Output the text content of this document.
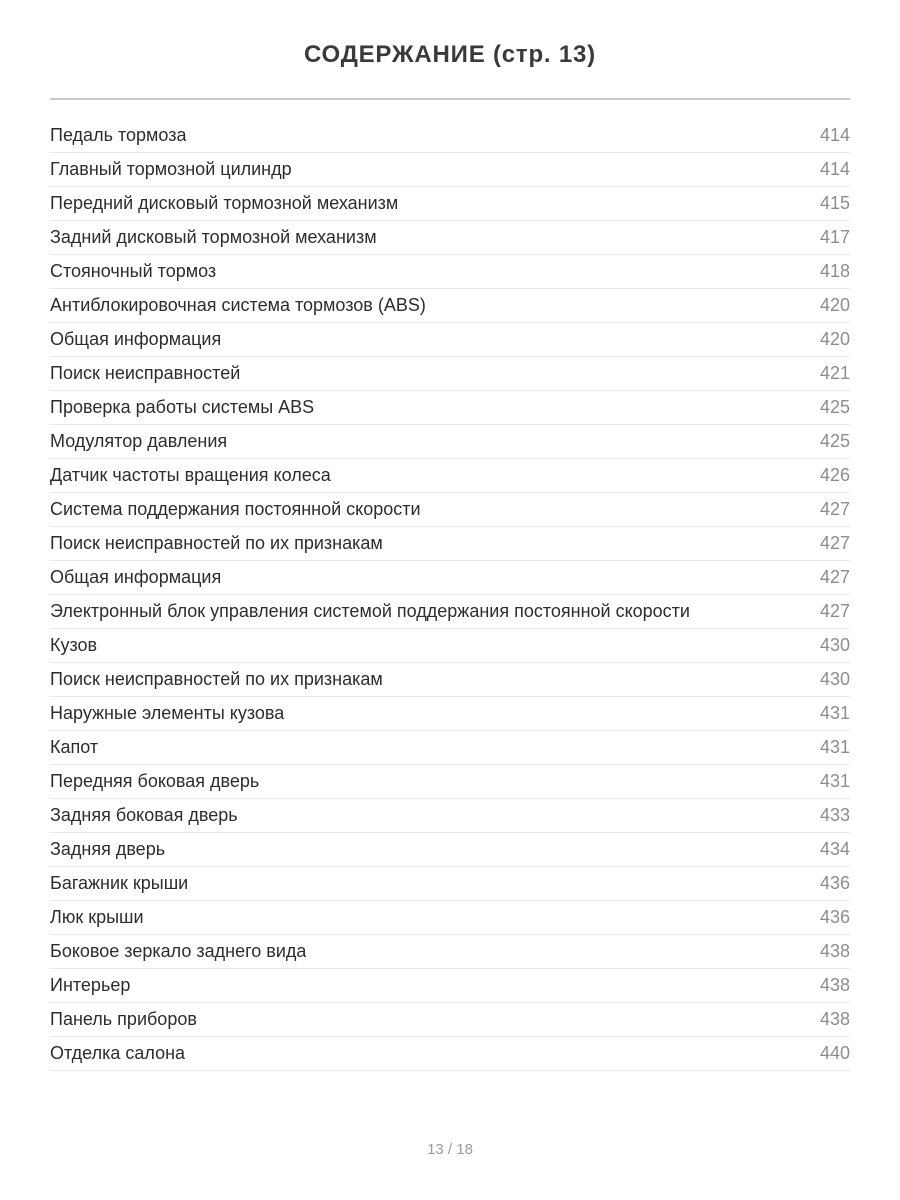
СОДЕРЖАНИЕ (стр. 13)
Педаль тормоза	414
Главный тормозной цилиндр	414
Передний дисковый тормозной механизм	415
Задний дисковый тормозной механизм	417
Стояночный тормоз	418
Антиблокировочная система тормозов (ABS)	420
Общая информация	420
Поиск неисправностей	421
Проверка работы системы ABS	425
Модулятор давления	425
Датчик частоты вращения колеса	426
Система поддержания постоянной скорости	427
Поиск неисправностей по их признакам	427
Общая информация	427
Электронный блок управления системой поддержания постоянной скорости	427
Кузов	430
Поиск неисправностей по их признакам	430
Наружные элементы кузова	431
Капот	431
Передняя боковая дверь	431
Задняя боковая дверь	433
Задняя дверь	434
Багажник крыши	436
Люк крыши	436
Боковое зеркало заднего вида	438
Интерьер	438
Панель приборов	438
Отделка салона	440
13 / 18
